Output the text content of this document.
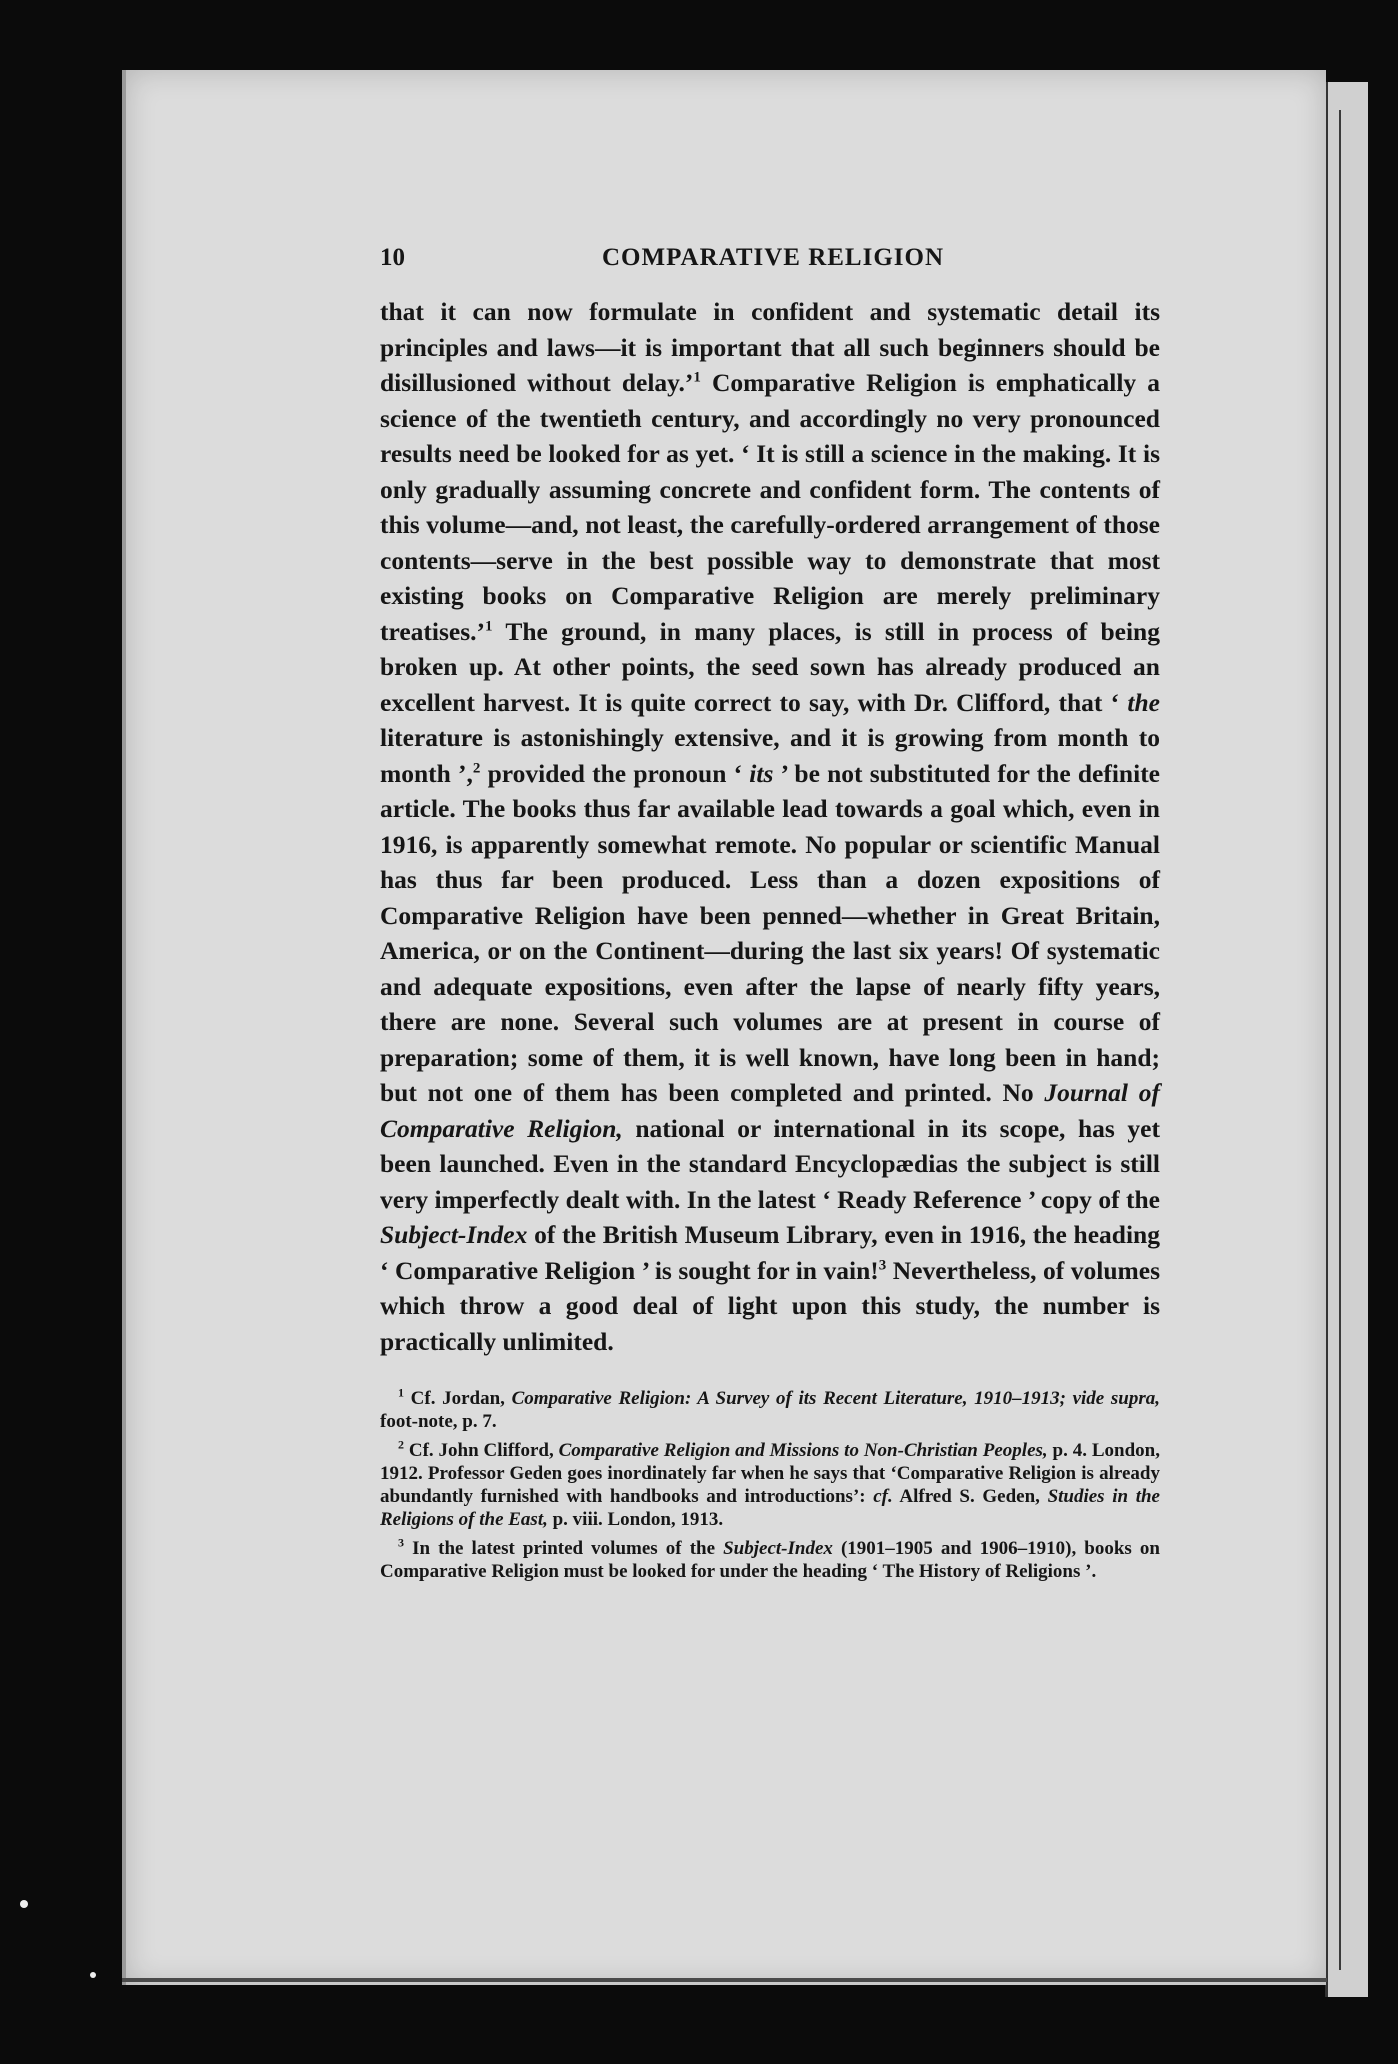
10	COMPARATIVE RELIGION

that it can now formulate in confident and systematic detail its principles and laws—it is important that all such beginners should be disillusioned without delay.’$^1$ Comparative Religion is emphatically a science of the twentieth century, and accordingly no very pronounced results need be looked for as yet. ‘ It is still a science in the making. It is only gradually assuming concrete and confident form. The contents of this volume—and, not least, the carefully-ordered arrangement of those contents—serve in the best possible way to demonstrate that most existing books on Comparative Religion are merely preliminary treatises.’$^1$ The ground, in many places, is still in process of being broken up. At other points, the seed sown has already produced an excellent harvest. It is quite correct to say, with Dr. Clifford, that ‘ the literature is astonishingly extensive, and it is growing from month to month ’,$^2$ provided the pronoun ‘ its ’ be not substituted for the definite article. The books thus far available lead towards a goal which, even in 1916, is apparently somewhat remote. No popular or scientific Manual has thus far been produced. Less than a dozen expositions of Comparative Religion have been penned—whether in Great Britain, America, or on the Continent—during the last six years! Of systematic and adequate expositions, even after the lapse of nearly fifty years, there are none. Several such volumes are at present in course of preparation; some of them, it is well known, have long been in hand; but not one of them has been completed and printed. No Journal of Comparative Religion, national or international in its scope, has yet been launched. Even in the standard Encyclopædias the subject is still very imperfectly dealt with. In the latest ‘ Ready Reference ’ copy of the Subject-Index of the British Museum Library, even in 1916, the heading ‘ Comparative Religion ’ is sought for in vain!$^3$ Nevertheless, of volumes which throw a good deal of light upon this study, the number is practically unlimited.

$^1$ Cf. Jordan, Comparative Religion: A Survey of its Recent Literature, 1910–1913; vide supra, foot-note, p. 7.

$^2$ Cf. John Clifford, Comparative Religion and Missions to Non-Christian Peoples, p. 4. London, 1912. Professor Geden goes inordinately far when he says that ‘Comparative Religion is already abundantly furnished with handbooks and introductions’: cf. Alfred S. Geden, Studies in the Religions of the East, p. viii. London, 1913.

$^3$ In the latest printed volumes of the Subject-Index (1901–1905 and 1906–1910), books on Comparative Religion must be looked for under the heading ‘ The History of Religions ’.
